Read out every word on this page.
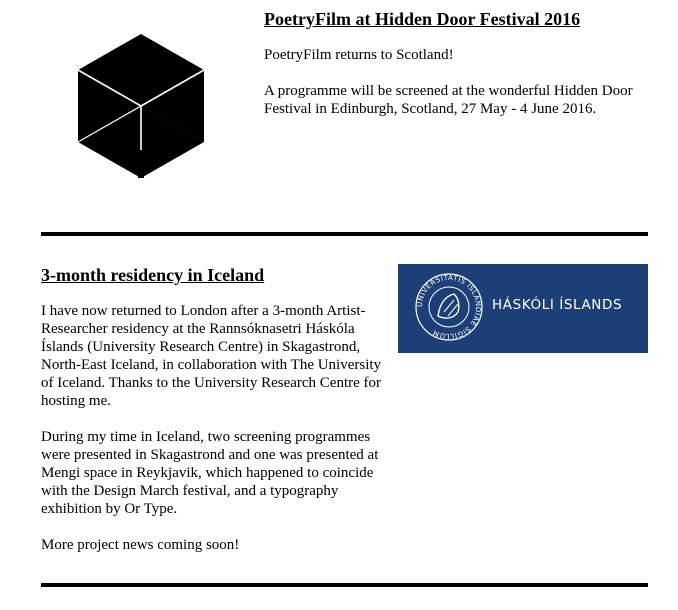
PoetryFilm at Hidden Door Festival 2016
PoetryFilm returns to Scotland!
A programme will be screened at the wonderful Hidden Door Festival in Edinburgh, Scotland, 27 May - 4 June 2016.
3-month residency in Iceland
I have now returned to London after a 3-month Artist-Researcher residency at the Rannsóknasetri Háskóla Íslands (University Research Centre) in Skagastrond, North-East Iceland, in collaboration with The University of Iceland. Thanks to the University Research Centre for hosting me.
During my time in Iceland, two screening programmes were presented in Skagastrond and one was presented at Mengi space in Reykjavik, which happened to coincide with the Design March festival, and a typography exhibition by Or Type.
More project news coming soon!
UNIVERSITATIS ISLANDIAE SIGILLUM
HÁSKÓLI ÍSLANDS
